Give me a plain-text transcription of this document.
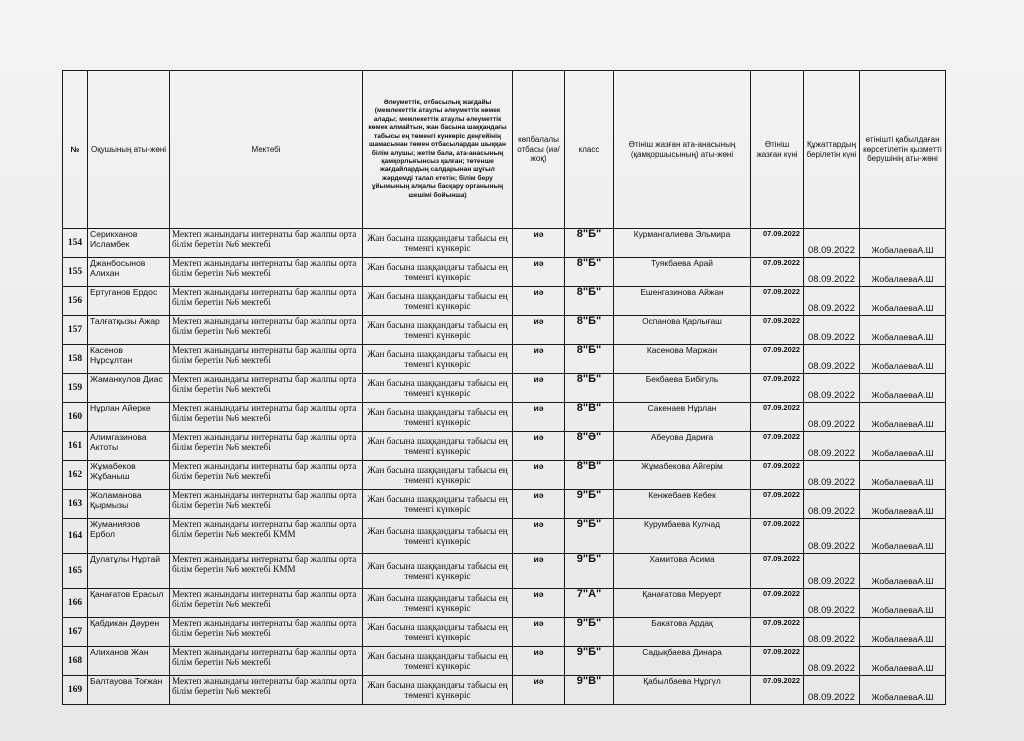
№	Оқушының аты-жөні	Мектебі	Әлеуметтік, отбасылық жағдайы (мемлекеттік атаулы әлеуметтік көмек алады; мемлекеттік атаулы әлеуметтік көмек алмайтын, жан басына шаққандағы табысы ең төменгі күнкөріс деңгейінің шамасынан төмен отбасылардан шыққан білім алушы; жетім бала, ата-анасының қамқорлығынсыз қалған; төтенше жағдайлардың салдарынан шұғыл жәрдемді талап ететін; білім беру ұйымының алқалы басқару органының шешімі бойынша)	көпбалалы отбасы (иә/жоқ)	класс	Өтініш жазған ата-анасының (қамқоршысының) аты-жөні	Өтініш жазған күні	Құжаттардың берілетін күні	өтінішті қабылдаған көрсетілетін қызметті берушінің аты-жөні
154	Серикханов Исламбек	Мектеп жанындағы интернаты бар жалпы орта білім беретін №6 мектебі	Жан басына шаққандағы табысы ең төменгі күнкөріс	иә	8"Б"	Курмангалиева Эльмира	07.09.2022	08.09.2022	ЖобалаеваА.Ш
155	Джанбосынов Алихан	Мектеп жанындағы интернаты бар жалпы орта білім беретін №6 мектебі	Жан басына шаққандағы табысы ең төменгі күнкөріс	иә	8"Б"	Туякбаева Арай	07.09.2022	08.09.2022	ЖобалаеваА.Ш
156	Ертуганов Ердос	Мектеп жанындағы интернаты бар жалпы орта білім беретін №6 мектебі	Жан басына шаққандағы табысы ең төменгі күнкөріс	иә	8"Б"	Ешенгазинова Айжан	07.09.2022	08.09.2022	ЖобалаеваА.Ш
157	Талғатқызы Ажар	Мектеп жанындағы интернаты бар жалпы орта білім беретін №6 мектебі	Жан басына шаққандағы табысы ең төменгі күнкөріс	иә	8"Б"	Оспанова Қарлығаш	07.09.2022	08.09.2022	ЖобалаеваА.Ш
158	Касенов Нұрсұлтан	Мектеп жанындағы интернаты бар жалпы орта білім беретін №6 мектебі	Жан басына шаққандағы табысы ең төменгі күнкөріс	иә	8"Б"	Касенова Маржан	07.09.2022	08.09.2022	ЖобалаеваА.Ш
159	Жаманкулов Диас	Мектеп жанындағы интернаты бар жалпы орта білім беретін №6 мектебі	Жан басына шаққандағы табысы ең төменгі күнкөріс	иә	8"Б"	Бекбаева Бибігуль	07.09.2022	08.09.2022	ЖобалаеваА.Ш
160	Нұрлан Айерке	Мектеп жанындағы интернаты бар жалпы орта білім беретін №6 мектебі	Жан басына шаққандағы табысы ең төменгі күнкөріс	иә	8"В"	Сакенаев Нұрлан	07.09.2022	08.09.2022	ЖобалаеваА.Ш
161	Алимгазинова Актоты	Мектеп жанындағы интернаты бар жалпы орта білім беретін №6 мектебі	Жан басына шаққандағы табысы ең төменгі күнкөріс	иә	8"Ә"	Абеуова Дариға	07.09.2022	08.09.2022	ЖобалаеваА.Ш
162	Жұмабеков Жұбаныш	Мектеп жанындағы интернаты бар жалпы орта білім беретін №6 мектебі	Жан басына шаққандағы табысы ең төменгі күнкөріс	иә	8"В"	Жұмабекова Айгерім	07.09.2022	08.09.2022	ЖобалаеваА.Ш
163	Жоламанова Қырмызы	Мектеп жанындағы интернаты бар жалпы орта білім беретін №6 мектебі	Жан басына шаққандағы табысы ең төменгі күнкөріс	иә	9"Б"	Кенжебаев Кебек	07.09.2022	08.09.2022	ЖобалаеваА.Ш
164	Жуманиязов Ербол	Мектеп жанындағы интернаты бар жалпы орта білім беретін №6 мектебі КММ	Жан басына шаққандағы табысы ең төменгі күнкөріс	иә	9"Б"	Курумбаева Кулчад	07.09.2022	08.09.2022	ЖобалаеваА.Ш
165	Дулатұлы Нұртай	Мектеп жанындағы интернаты бар жалпы орта білім беретін №6 мектебі КММ	Жан басына шаққандағы табысы ең төменгі күнкөріс	иә	9"Б"	Хамитова Асима	07.09.2022	08.09.2022	ЖобалаеваА.Ш
166	Қанағатов Ерасыл	Мектеп жанындағы интернаты бар жалпы орта білім беретін №6 мектебі	Жан басына шаққандағы табысы ең төменгі күнкөріс	иә	7"А"	Қанағатова Меруерт	07.09.2022	08.09.2022	ЖобалаеваА.Ш
167	Қабдикан Дәурен	Мектеп жанындағы интернаты бар жалпы орта білім беретін №6 мектебі	Жан басына шаққандағы табысы ең төменгі күнкөріс	иә	9"Б"	Бакатова Ардақ	07.09.2022	08.09.2022	ЖобалаеваА.Ш
168	Алиханов Жан	Мектеп жанындағы интернаты бар жалпы орта білім беретін №6 мектебі	Жан басына шаққандағы табысы ең төменгі күнкөріс	иә	9"Б"	Садықбаева Динара	07.09.2022	08.09.2022	ЖобалаеваА.Ш
169	Балтауова Тоғжан	Мектеп жанындағы интернаты бар жалпы орта білім беретін №6 мектебі	Жан басына шаққандағы табысы ең төменгі күнкөріс	иә	9"В"	Қабылбаева Нұргүл	07.09.2022	08.09.2022	ЖобалаеваА.Ш
